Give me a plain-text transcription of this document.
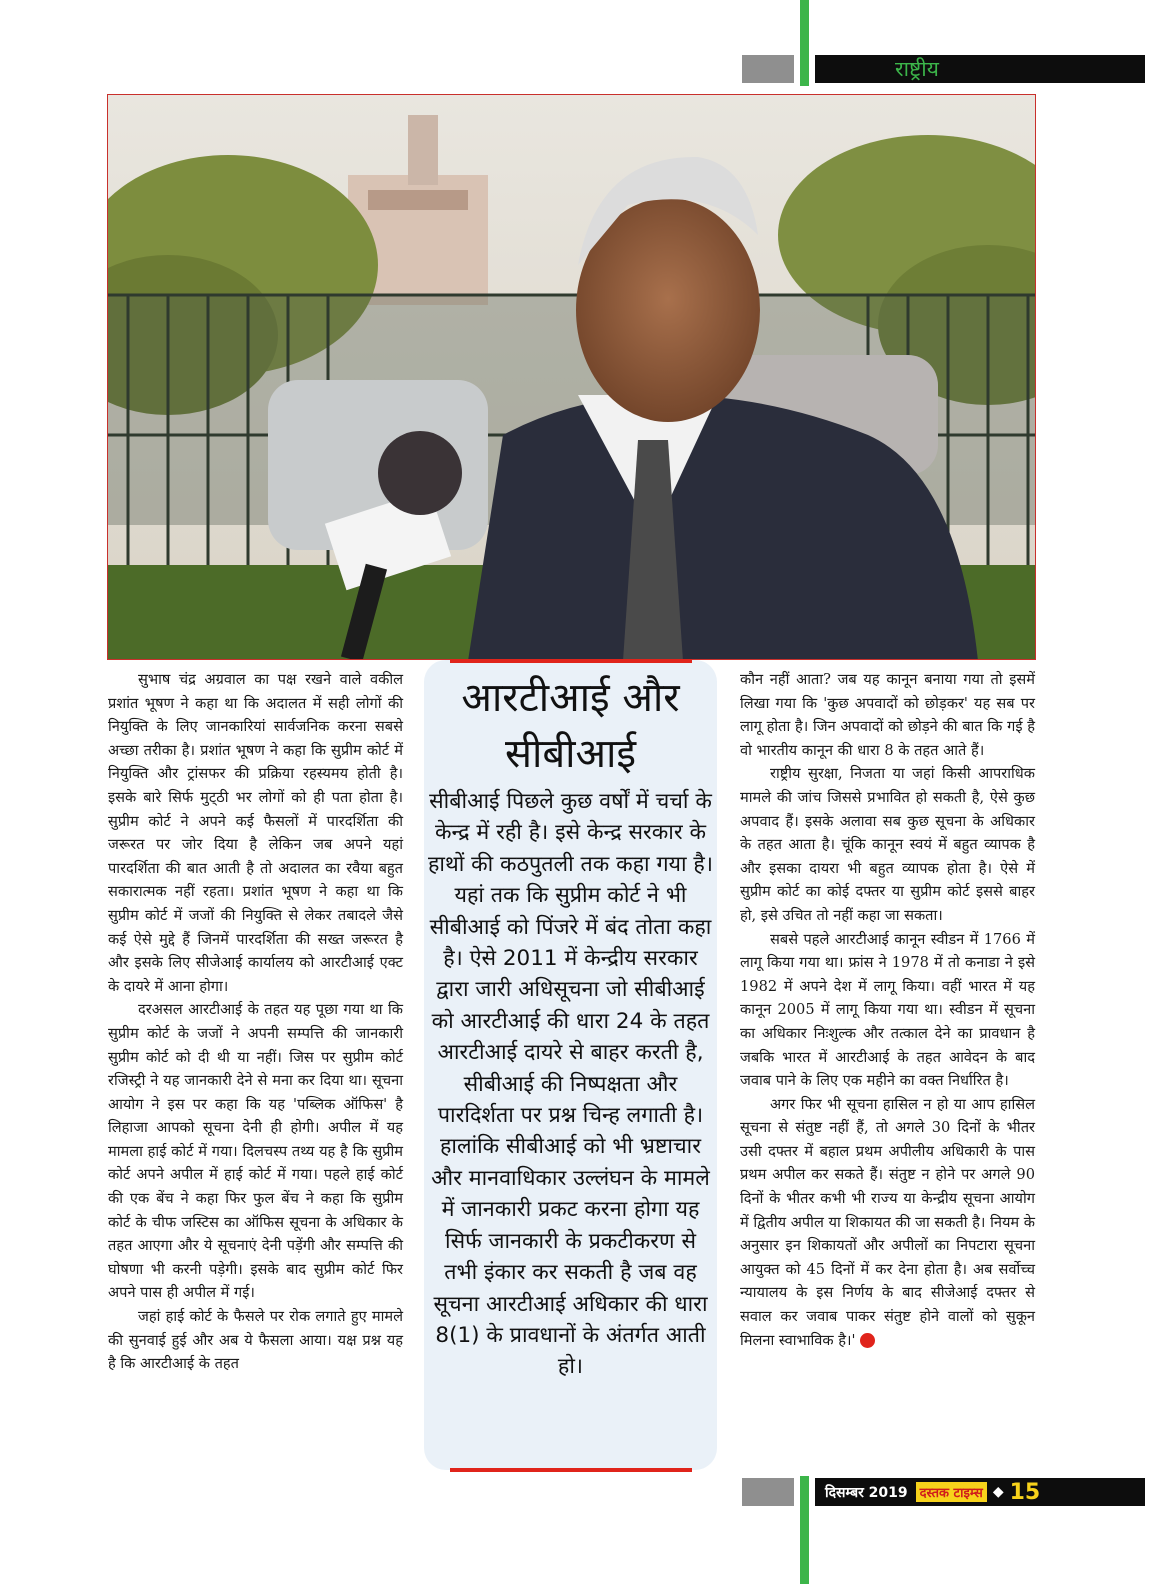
राष्ट्रीय

सुभाष चंद्र अग्रवाल का पक्ष रखने वाले वकील प्रशांत भूषण ने कहा था कि अदालत में सही लोगों की नियुक्ति के लिए जानकारियां सार्वजनिक करना सबसे अच्छा तरीका है। प्रशांत भूषण ने कहा कि सुप्रीम कोर्ट में नियुक्ति और ट्रांसफर की प्रक्रिया रहस्यमय होती है। इसके बारे सिर्फ मुट्‌ठी भर लोगों को ही पता होता है। सुप्रीम कोर्ट ने अपने कई फैसलों में पारदर्शिता की जरूरत पर जोर दिया है लेकिन जब अपने यहां पारदर्शिता की बात आती है तो अदालत का रवैया बहुत सकारात्मक नहीं रहता। प्रशांत भूषण ने कहा था कि सुप्रीम कोर्ट में जजों की नियुक्ति से लेकर तबादले जैसे कई ऐसे मुद्दे हैं जिनमें पारदर्शिता की सख्त जरूरत है और इसके लिए सीजेआई कार्यालय को आरटीआई एक्ट के दायरे में आना होगा।

दरअसल आरटीआई के तहत यह पूछा गया था कि सुप्रीम कोर्ट के जजों ने अपनी सम्पत्ति की जानकारी सुप्रीम कोर्ट को दी थी या नहीं। जिस पर सुप्रीम कोर्ट रजिस्ट्री ने यह जानकारी देने से मना कर दिया था। सूचना आयोग ने इस पर कहा कि यह 'पब्लिक ऑफिस' है लिहाजा आपको सूचना देनी ही होगी। अपील में यह मामला हाई कोर्ट में गया। दिलचस्प तथ्य यह है कि सुप्रीम कोर्ट अपने अपील में हाई कोर्ट में गया। पहले हाई कोर्ट की एक बेंच ने कहा फिर फुल बेंच ने कहा कि सुप्रीम कोर्ट के चीफ जस्टिस का ऑफिस सूचना के अधिकार के तहत आएगा और ये सूचनाएं देनी पड़ेंगी और सम्पत्ति की घोषणा भी करनी पड़ेगी। इसके बाद सुप्रीम कोर्ट फिर अपने पास ही अपील में गई।

जहां हाई कोर्ट के फैसले पर रोक लगाते हुए मामले की सुनवाई हुई और अब ये फैसला आया। यक्ष प्रश्न यह है कि आरटीआई के तहत

आरटीआई और
सीबीआई
सीबीआई पिछले कुछ वर्षों में चर्चा के केन्द्र में रही है। इसे केन्द्र सरकार के हाथों की कठपुतली तक कहा गया है। यहां तक कि सुप्रीम कोर्ट ने भी सीबीआई को पिंजरे में बंद तोता कहा है। ऐसे 2011 में केन्द्रीय सरकार द्वारा जारी अधिसूचना जो सीबीआई को आरटीआई की धारा 24 के तहत आरटीआई दायरे से बाहर करती है, सीबीआई की निष्पक्षता और पारदिर्शता पर प्रश्न चिन्ह लगाती है। हालांकि सीबीआई को भी भ्रष्टाचार और मानवाधिकार उल्लंघन के मामले में जानकारी प्रकट करना होगा यह सिर्फ जानकारी के प्रकटीकरण से तभी इंकार कर सकती है जब वह सूचना आरटीआई अधिकार की धारा 8(1) के प्रावधानों के अंतर्गत आती हो।

कौन नहीं आता? जब यह कानून बनाया गया तो इसमें लिखा गया कि 'कुछ अपवादों को छोड़कर' यह सब पर लागू होता है। जिन अपवादों को छोड़ने की बात कि गई है वो भारतीय कानून की धारा 8 के तहत आते हैं।

राष्ट्रीय सुरक्षा, निजता या जहां किसी आपराधिक मामले की जांच जिससे प्रभावित हो सकती है, ऐसे कुछ अपवाद हैं। इसके अलावा सब कुछ सूचना के अधिकार के तहत आता है। चूंकि कानून स्वयं में बहुत व्यापक है और इसका दायरा भी बहुत व्यापक होता है। ऐसे में सुप्रीम कोर्ट का कोई दफ्तर या सुप्रीम कोर्ट इससे बाहर हो, इसे उचित तो नहीं कहा जा सकता।

सबसे पहले आरटीआई कानून स्वीडन में 1766 में लागू किया गया था। फ्रांस ने 1978 में तो कनाडा ने इसे 1982 में अपने देश में लागू किया। वहीं भारत में यह कानून 2005 में लागू किया गया था। स्वीडन में सूचना का अधिकार निःशुल्क और तत्काल देने का प्रावधान है जबकि भारत में आरटीआई के तहत आवेदन के बाद जवाब पाने के लिए एक महीने का वक्त निर्धारित है।

अगर फिर भी सूचना हासिल न हो या आप हासिल सूचना से संतुष्ट नहीं हैं, तो अगले 30 दिनों के भीतर उसी दफ्तर में बहाल प्रथम अपीलीय अधिकारी के पास प्रथम अपील कर सकते हैं। संतुष्ट न होने पर अगले 90 दिनों के भीतर कभी भी राज्य या केन्द्रीय सूचना आयोग में द्वितीय अपील या शिकायत की जा सकती है। नियम के अनुसार इन शिकायतों और अपीलों का निपटारा सूचना आयुक्त को 45 दिनों में कर देना होता है। अब सर्वोच्च न्यायालय के इस निर्णय के बाद सीजेआई दफ्तर से सवाल कर जवाब पाकर संतुष्ट होने वालों को सुकून मिलना स्वाभाविक है।'

दिसम्बर 2019 दस्तक टाइम्स ◆ 15
